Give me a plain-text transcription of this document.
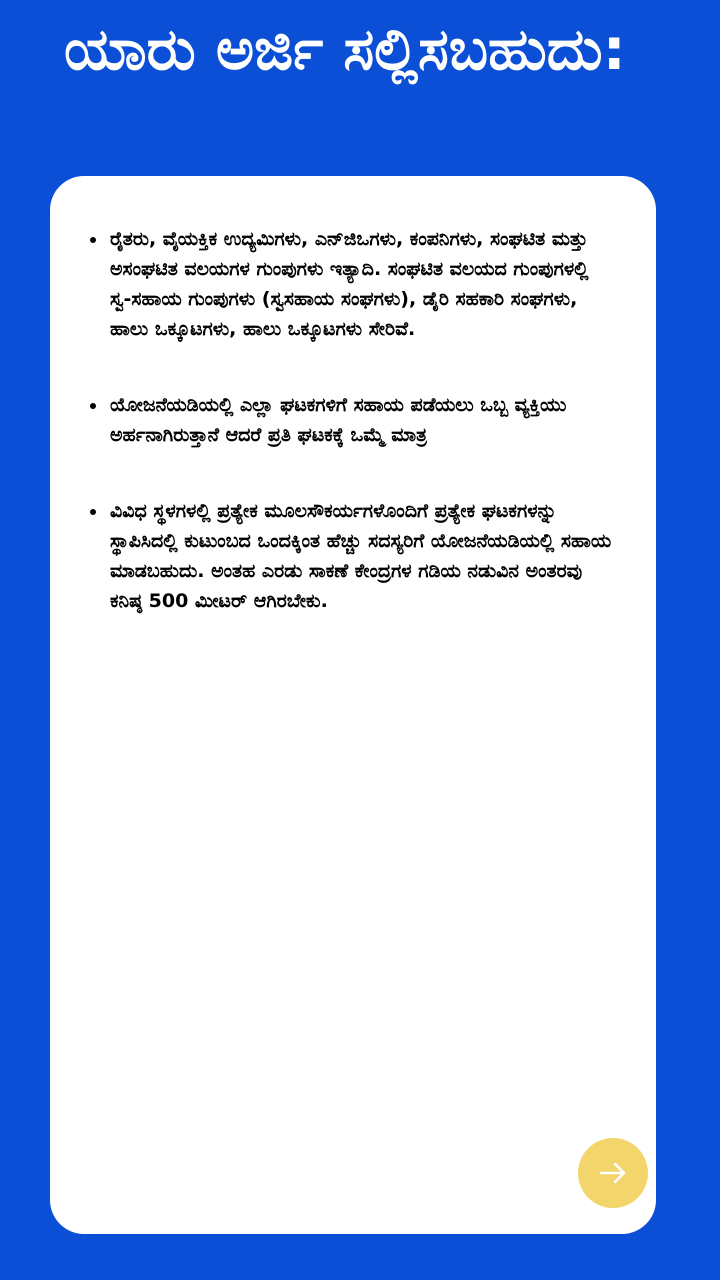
ಯಾರು ಅರ್ಜಿ ಸಲ್ಲಿಸಬಹುದು:
ರೈತರು, ವೈಯಕ್ತಿಕ ಉದ್ಯಮಿಗಳು, ಎನ್‌ಜಿಒಗಳು, ಕಂಪನಿಗಳು, ಸಂಘಟಿತ ಮತ್ತು ಅಸಂಘಟಿತ ವಲಯಗಳ ಗುಂಪುಗಳು ಇತ್ಯಾದಿ. ಸಂಘಟಿತ ವಲಯದ ಗುಂಪುಗಳಲ್ಲಿ ಸ್ವ-ಸಹಾಯ ಗುಂಪುಗಳು (ಸ್ವಸಹಾಯ ಸಂಘಗಳು), ಡೈರಿ ಸಹಕಾರಿ ಸಂಘಗಳು, ಹಾಲು ಒಕ್ಕೂಟಗಳು, ಹಾಲು ಒಕ್ಕೂಟಗಳು ಸೇರಿವೆ.
ಯೋಜನೆಯಡಿಯಲ್ಲಿ ಎಲ್ಲಾ ಘಟಕಗಳಿಗೆ ಸಹಾಯ ಪಡೆಯಲು ಒಬ್ಬ ವ್ಯಕ್ತಿಯು ಅರ್ಹನಾಗಿರುತ್ತಾನೆ ಆದರೆ ಪ್ರತಿ ಘಟಕಕ್ಕೆ ಒಮ್ಮೆ ಮಾತ್ರ
ವಿವಿಧ ಸ್ಥಳಗಳಲ್ಲಿ ಪ್ರತ್ಯೇಕ ಮೂಲಸೌಕರ್ಯಗಳೊಂದಿಗೆ ಪ್ರತ್ಯೇಕ ಘಟಕಗಳನ್ನು ಸ್ಥಾಪಿಸಿದಲ್ಲಿ ಕುಟುಂಬದ ಒಂದಕ್ಕಿಂತ ಹೆಚ್ಚು ಸದಸ್ಯರಿಗೆ ಯೋಜನೆಯಡಿಯಲ್ಲಿ ಸಹಾಯ ಮಾಡಬಹುದು. ಅಂತಹ ಎರಡು ಸಾಕಣೆ ಕೇಂದ್ರಗಳ ಗಡಿಯ ನಡುವಿನ ಅಂತರವು ಕನಿಷ್ಠ 500 ಮೀಟರ್ ಆಗಿರಬೇಕು.
